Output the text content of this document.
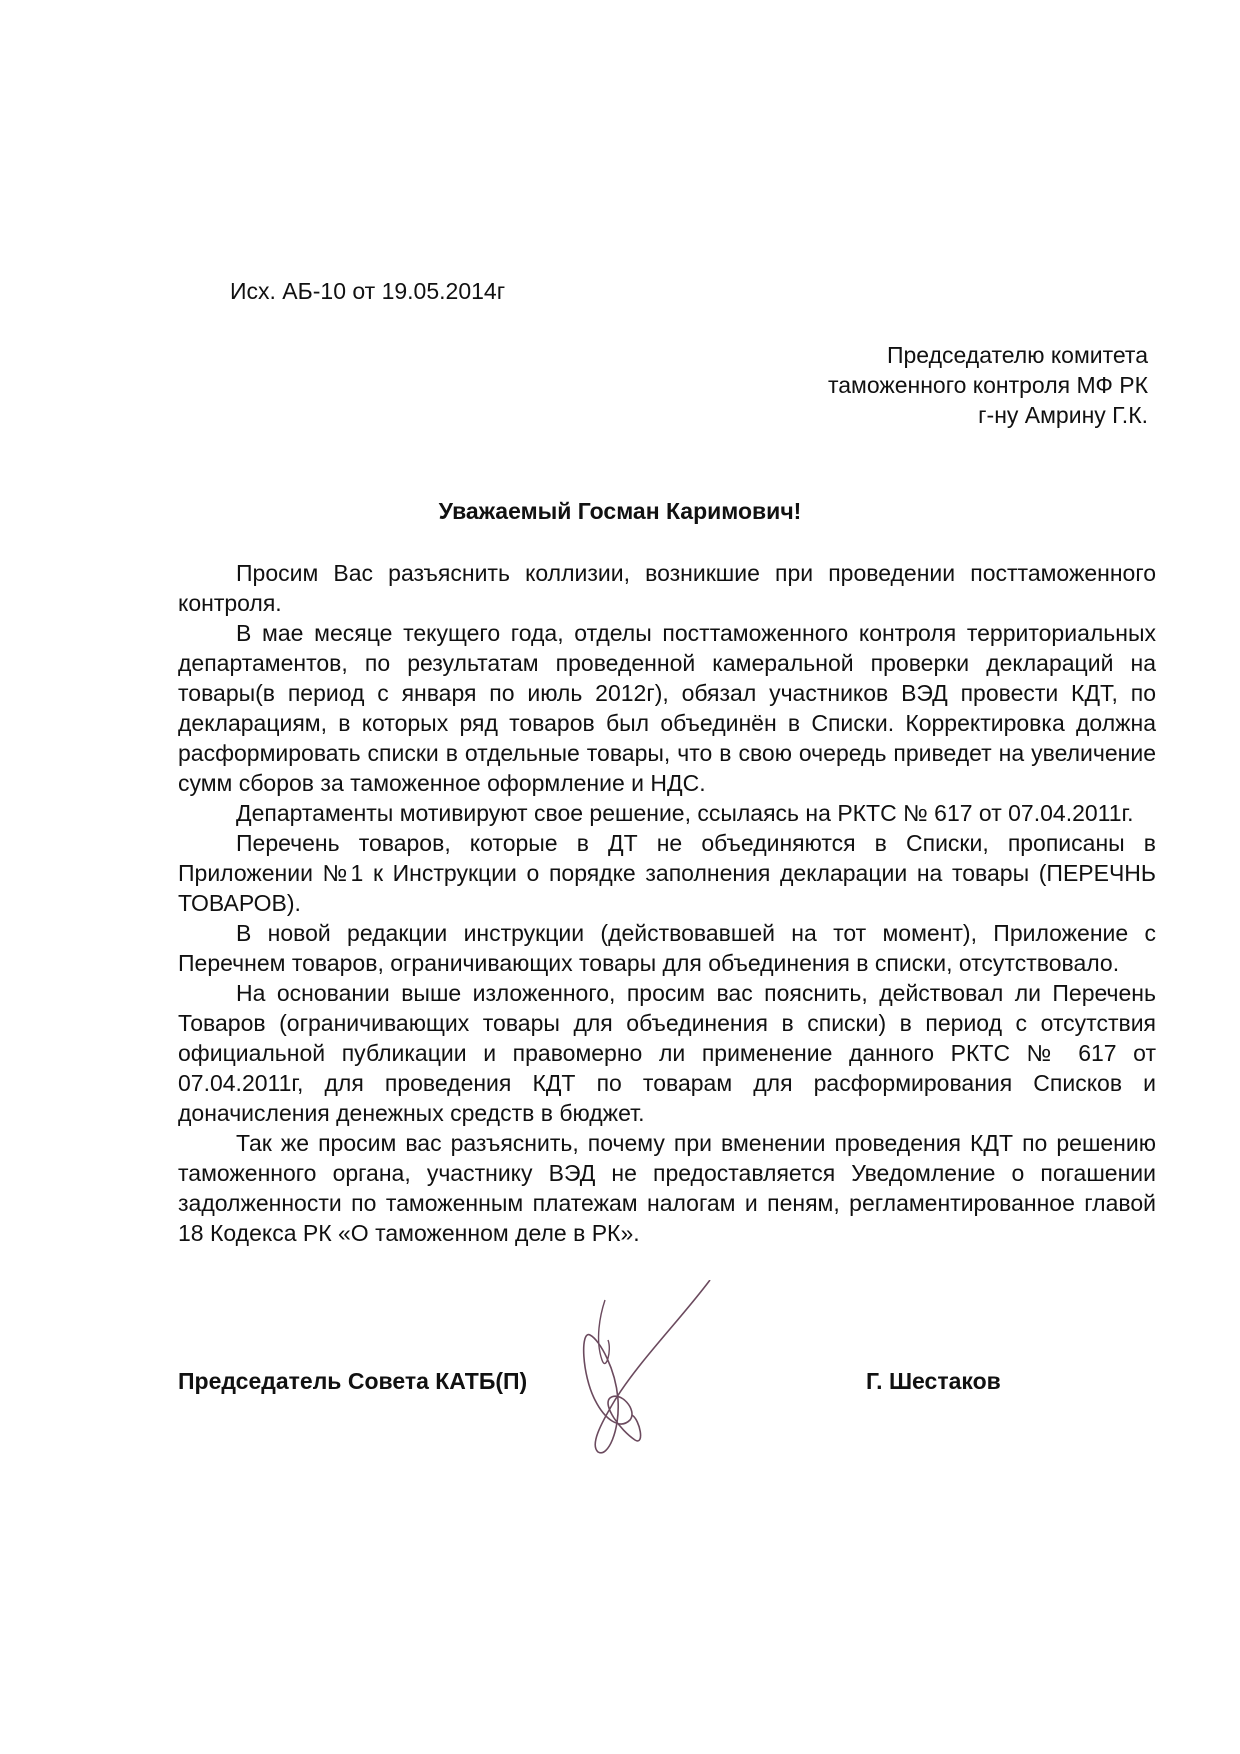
Исх. АБ-10 от 19.05.2014г
Председателю комитета
таможенного контроля МФ РК
г-ну Амрину Г.К.
Уважаемый Госман Каримович!

Просим Вас разъяснить коллизии, возникшие при проведении посттаможенного контроля.

В мае месяце текущего года, отделы посттаможенного контроля территориальных департаментов, по результатам проведенной камеральной проверки деклараций на товары(в период с января по июль 2012г), обязал участников ВЭД провести КДТ, по декларациям, в которых ряд товаров был объединён в Списки. Корректировка должна расформировать списки в отдельные товары, что в свою очередь приведет на увеличение сумм сборов за таможенное оформление и НДС.

Департаменты мотивируют свое решение, ссылаясь на РКТС № 617 от 07.04.2011г.

Перечень товаров, которые в ДТ не объединяются в Списки, прописаны в Приложении №1 к Инструкции о порядке заполнения декларации на товары (ПЕРЕЧНЬ ТОВАРОВ).

В новой редакции инструкции (действовавшей на тот момент), Приложение с Перечнем товаров, ограничивающих товары для объединения в списки, отсутствовало.

На основании выше изложенного, просим вас пояснить, действовал ли Перечень Товаров (ограничивающих товары для объединения в списки) в период с отсутствия официальной публикации и правомерно ли применение данного РКТС № 617 от 07.04.2011г, для проведения КДТ по товарам для расформирования Списков и доначисления денежных средств в бюджет.

Так же просим вас разъяснить, почему при вменении проведения КДТ по решению таможенного органа, участнику ВЭД не предоставляется Уведомление о погашении задолженности по таможенным платежам налогам и пеням, регламентированное главой 18 Кодекса РК «О таможенном деле в РК».

Председатель Совета КАТБ(П)	Г. Шестаков
